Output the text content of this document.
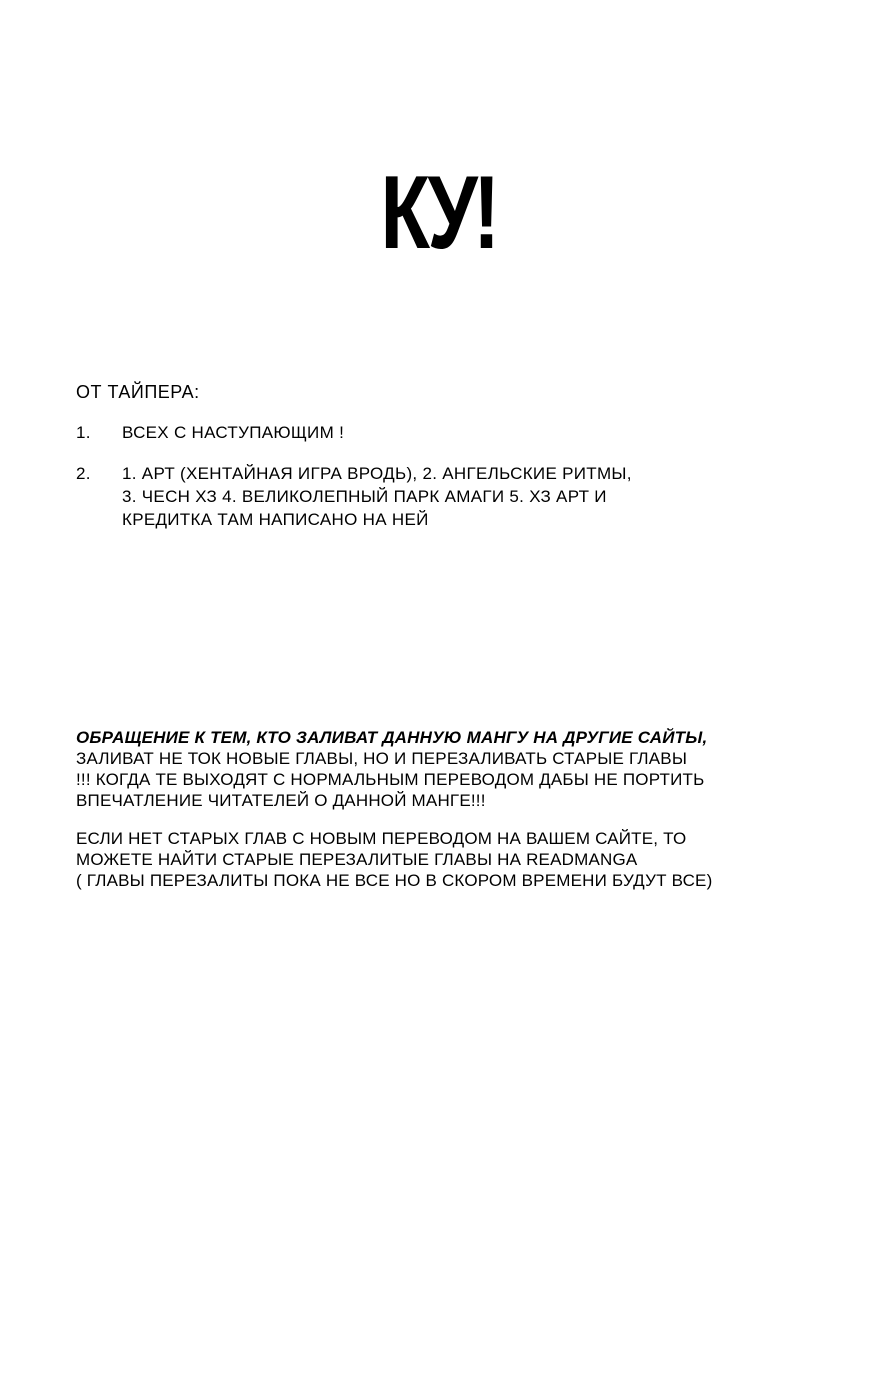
КУ!
ОТ ТАЙПЕРА:
1.	ВСЕХ С НАСТУПАЮЩИМ !
2.	1. АРТ (ХЕНТАЙНАЯ ИГРА ВРОДЬ), 2. АНГЕЛЬСКИЕ РИТМЫ,
3. ЧЕСН ХЗ 4. ВЕЛИКОЛЕПНЫЙ ПАРК АМАГИ 5. ХЗ АРТ И
КРЕДИТКА ТАМ НАПИСАНО НА НЕЙ
ОБРАЩЕНИЕ К ТЕМ, КТО ЗАЛИВАТ ДАННУЮ МАНГУ НА ДРУГИЕ САЙТЫ,
ЗАЛИВАТ НЕ ТОК НОВЫЕ ГЛАВЫ, НО И ПЕРЕЗАЛИВАТЬ СТАРЫЕ ГЛАВЫ
!!! КОГДА ТЕ ВЫХОДЯТ С НОРМАЛЬНЫМ ПЕРЕВОДОМ ДАБЫ НЕ ПОРТИТЬ
ВПЕЧАТЛЕНИЕ ЧИТАТЕЛЕЙ О ДАННОЙ МАНГЕ!!!
ЕСЛИ НЕТ СТАРЫХ ГЛАВ С НОВЫМ ПЕРЕВОДОМ НА ВАШЕМ САЙТЕ, ТО
МОЖЕТЕ НАЙТИ СТАРЫЕ ПЕРЕЗАЛИТЫЕ ГЛАВЫ НА READMANGA
( ГЛАВЫ ПЕРЕЗАЛИТЫ ПОКА НЕ ВСЕ НО В СКОРОМ ВРЕМЕНИ БУДУТ ВСЕ)
